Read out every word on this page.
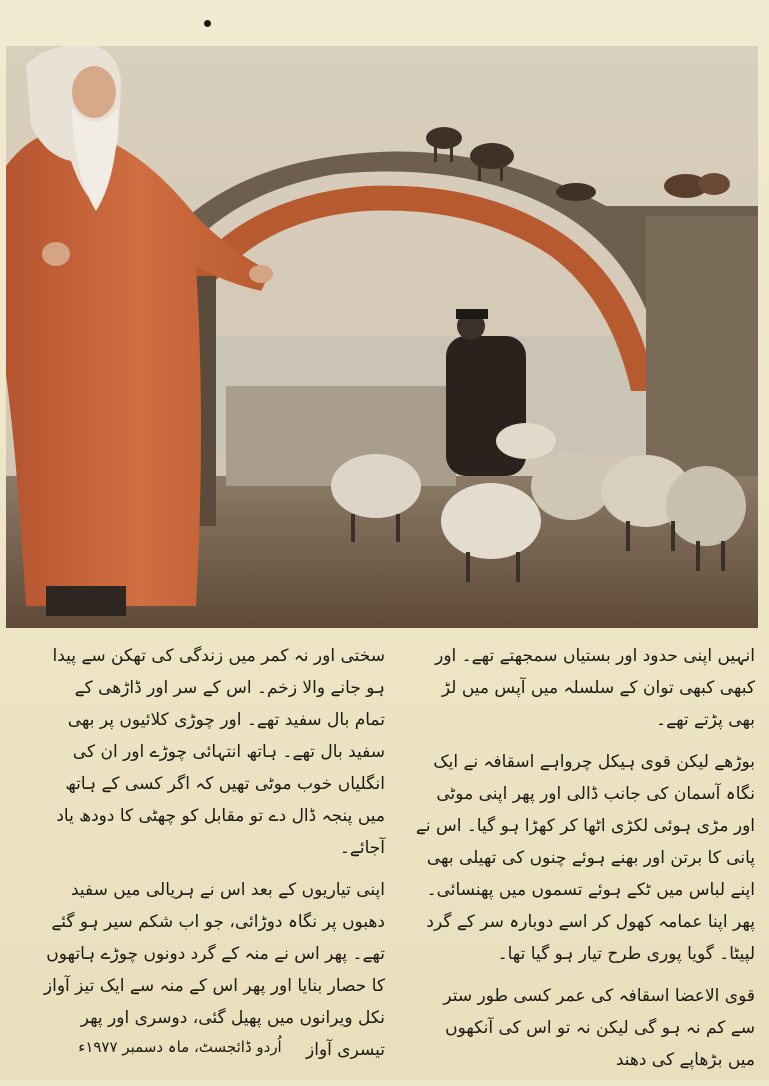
انہیں اپنی حدود اور بستیاں سمجھتے تھے۔ اور کبھی کبھی توان کے سلسلہ میں آپس میں لڑ بھی پڑتے تھے۔

بوڑھے لیکن قوی ہیکل چرواہے اسقافہ نے ایک نگاہ آسمان کی جانب ڈالی اور پھر اپنی موٹی اور مڑی ہوئی لکڑی اٹھا کر کھڑا ہو گیا۔ اس نے پانی کا برتن اور بھنے ہوئے چنوں کی تھیلی بھی اپنے لباس میں ٹکے ہوئے تسموں میں پھنسائی۔ پھر اپنا عمامہ کھول کر اسے دوبارہ سر کے گرد لپیٹا۔ گویا پوری طرح تیار ہو گیا تھا۔

قوی الاعضا اسقافہ کی عمر کسی طور ستر سے کم نہ ہو گی لیکن نہ تو اس کی آنکھوں میں بڑھاپے کی دھند

سختی اور نہ کمر میں زندگی کی تھکن سے پیدا ہو جانے والا زخم۔ اس کے سر اور ڈاڑھی کے تمام بال سفید تھے۔ اور چوڑی کلائیوں پر بھی سفید بال تھے۔ ہاتھ انتہائی چوڑے اور ان کی انگلیاں خوب موٹی تھیں کہ اگر کسی کے ہاتھ میں پنجہ ڈال دے تو مقابل کو چھٹی کا دودھ یاد آجائے۔

اپنی تیاریوں کے بعد اس نے ہریالی میں سفید دھبوں پر نگاہ دوڑائی، جو اب شکم سیر ہو گئے تھے۔ پھر اس نے منہ کے گرد دونوں چوڑے ہاتھوں کا حصار بنایا اور پھر اس کے منہ سے ایک تیز آواز نکل ویرانوں میں پھیل گئی، دوسری اور پھر تیسری آواز

اُردو ڈائجسٹ، ماہ دسمبر ۱۹۷۷ء
